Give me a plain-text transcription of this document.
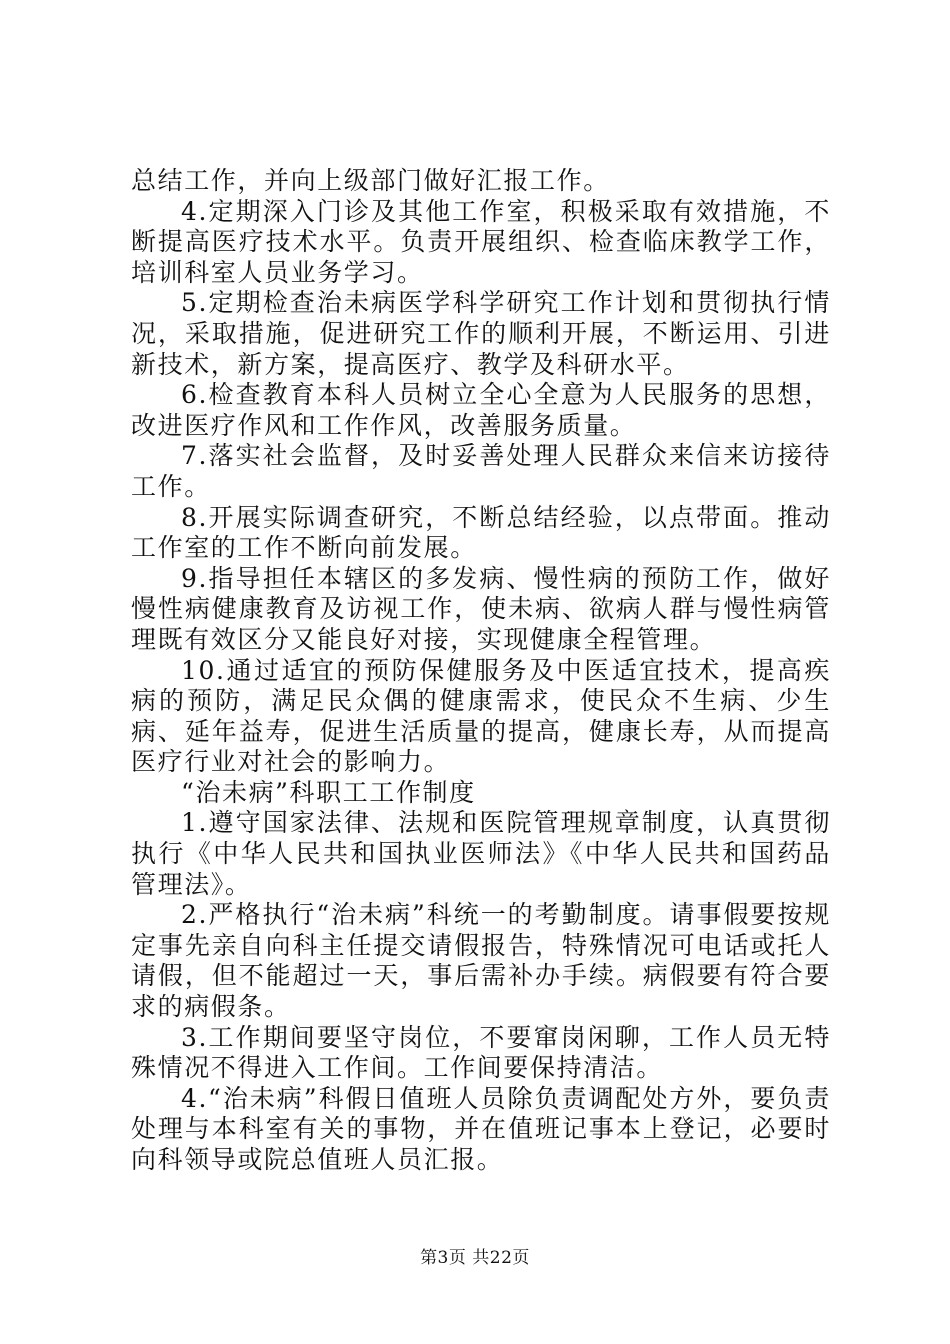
总结工作，并向上级部门做好汇报工作。

4.定期深入门诊及其他工作室，积极采取有效措施，不断提高医疗技术水平。负责开展组织、检查临床教学工作，培训科室人员业务学习。

5.定期检查治未病医学科学研究工作计划和贯彻执行情况，采取措施，促进研究工作的顺利开展，不断运用、引进新技术，新方案，提高医疗、教学及科研水平。

6.检查教育本科人员树立全心全意为人民服务的思想，改进医疗作风和工作作风，改善服务质量。

7.落实社会监督，及时妥善处理人民群众来信来访接待工作。

8.开展实际调查研究，不断总结经验，以点带面。推动工作室的工作不断向前发展。

9.指导担任本辖区的多发病、慢性病的预防工作，做好慢性病健康教育及访视工作，使未病、欲病人群与慢性病管理既有效区分又能良好对接，实现健康全程管理。

10.通过适宜的预防保健服务及中医适宜技术，提高疾病的预防，满足民众偶的健康需求，使民众不生病、少生病、延年益寿，促进生活质量的提高，健康长寿，从而提高医疗行业对社会的影响力。

“治未病”科职工工作制度

1.遵守国家法律、法规和医院管理规章制度，认真贯彻执行《中华人民共和国执业医师法》《中华人民共和国药品管理法》。

2.严格执行“治未病”科统一的考勤制度。请事假要按规定事先亲自向科主任提交请假报告，特殊情况可电话或托人请假，但不能超过一天，事后需补办手续。病假要有符合要求的病假条。

3.工作期间要坚守岗位，不要窜岗闲聊，工作人员无特殊情况不得进入工作间。工作间要保持清洁。

4.“治未病”科假日值班人员除负责调配处方外，要负责处理与本科室有关的事物，并在值班记事本上登记，必要时向科领导或院总值班人员汇报。

第3页 共22页
